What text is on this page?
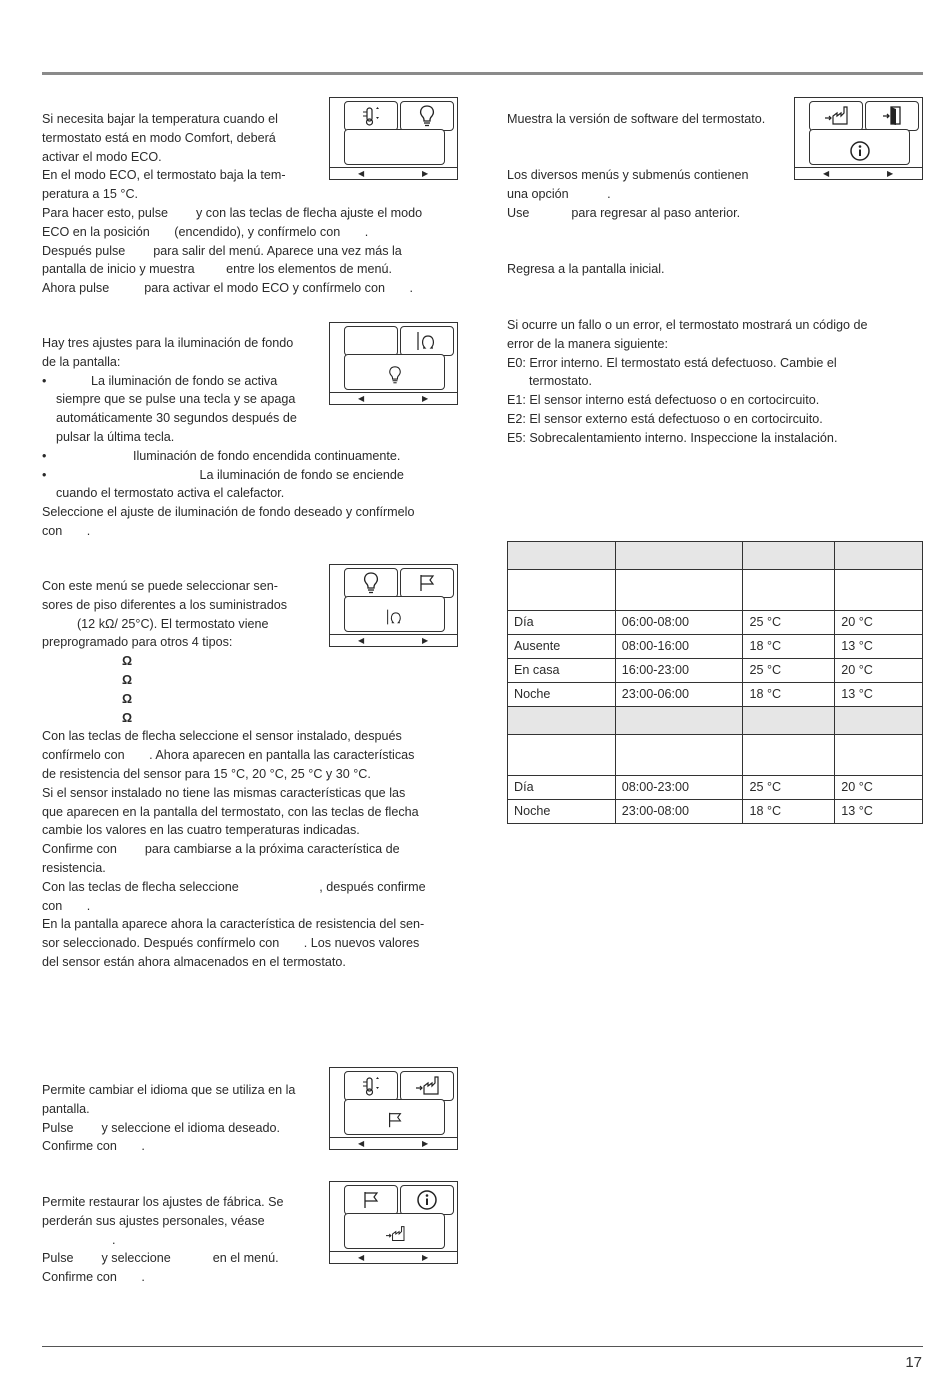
Si necesita bajar la temperatura cuando el

termostato está en modo Comfort, deberá

activar el modo ECO.

En el modo ECO, el termostato baja la tem-

peratura a 15 °C.

Para hacer esto, pulse        y con las teclas de flecha ajuste el modo

ECO en la posición       (encendido), y confírmelo con       .

Después pulse        para salir del menú. Aparece una vez más la

pantalla de inicio y muestra         entre los elementos de menú.

Ahora pulse          para activar el modo ECO y confírmelo con       .

◀	▶

Hay tres ajustes para la iluminación de fondo

de la pantalla:

•           La iluminación de fondo se activa

siempre que se pulse una tecla y se apaga

automáticamente 30 segundos después de

pulsar la última tecla.

•                       Iluminación de fondo encendida continuamente.

•                                          La iluminación de fondo se enciende

cuando el termostato activa el calefactor.

Seleccione el ajuste de iluminación de fondo deseado y confírmelo

con       .

◀	▶

Con este menú se puede seleccionar sen-

sores de piso diferentes a los suministrados

(12 kΩ/ 25°C). El termostato viene

preprogramado para otros 4 tipos:

Ω

Ω

Ω

Ω

Con las teclas de flecha seleccione el sensor instalado, después

confírmelo con       . Ahora aparecen en pantalla las características

de resistencia del sensor para 15 °C, 20 °C, 25 °C y 30 °C.

Si el sensor instalado no tiene las mismas características que las

que aparecen en la pantalla del termostato, con las teclas de flecha

cambie los valores en las cuatro temperaturas indicadas.

Confirme con        para cambiarse a la próxima característica de

resistencia.

Con las teclas de flecha seleccione                       , después confirme

con       .

En la pantalla aparece ahora la característica de resistencia del sen-

sor seleccionado. Después confírmelo con       . Los nuevos valores

del sensor están ahora almacenados en el termostato.

◀	▶

Permite cambiar el idioma que se utiliza en la

pantalla.

Pulse        y seleccione el idioma deseado.

Confirme con       .	◀	▶

Permite restaurar los ajustes de fábrica. Se

perderán sus ajustes personales, véase

.

Pulse        y seleccione            en el menú.

Confirme con       .

◀	▶

Muestra la versión de software del termostato.

◀	▶

Los diversos menús y submenús contienen

una opción           .

Use            para regresar al paso anterior.

Regresa a la pantalla inicial.

Si ocurre un fallo o un error, el termostato mostrará un código de

error de la manera siguiente:

E0: Error interno. El termostato está defectuoso. Cambie el

termostato.

E1: El sensor interno está defectuoso o en cortocircuito.

E2: El sensor externo está defectuoso o en cortocircuito.

E5: Sobrecalentamiento interno. Inspeccione la instalación.

Día	06:00-08:00	25 °C	20 °C
Ausente	08:00-16:00	18 °C	13 °C
En casa	16:00-23:00	25 °C	20 °C
Noche	23:00-06:00	18 °C	13 °C

Día	08:00-23:00	25 °C	20 °C
Noche	23:00-08:00	18 °C	13 °C
17
